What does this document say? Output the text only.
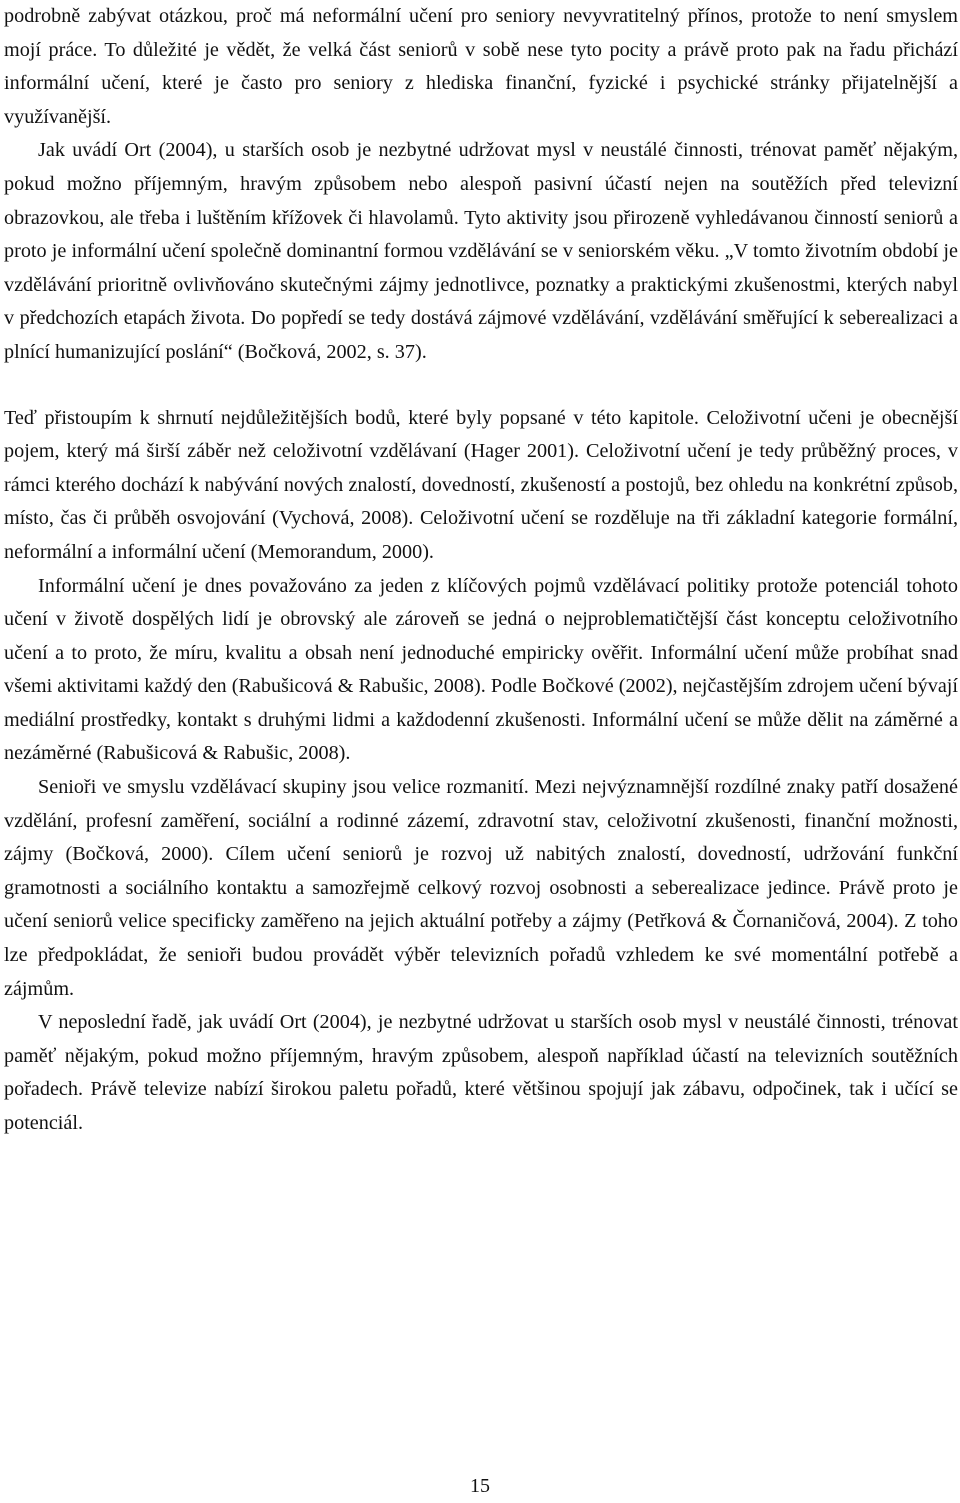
podrobně zabývat otázkou, proč má neformální učení pro seniory nevyvratitelný přínos, protože to není smyslem mojí práce. To důležité je vědět, že velká část seniorů v sobě nese tyto pocity a právě proto pak na řadu přichází informální učení, které je často pro seniory z hlediska finanční, fyzické i psychické stránky přijatelnější a využívanější.

Jak uvádí Ort (2004), u starších osob je nezbytné udržovat mysl v neustálé činnosti, trénovat paměť nějakým, pokud možno příjemným, hravým způsobem nebo alespoň pasivní účastí nejen na soutěžích před televizní obrazovkou, ale třeba i luštěním křížovek či hlavolamů. Tyto aktivity jsou přirozeně vyhledávanou činností seniorů a proto je informální učení společně dominantní formou vzdělávání se v seniorském věku. „V tomto životním období je vzdělávání prioritně ovlivňováno skutečnými zájmy jednotlivce, poznatky a praktickými zkušenostmi, kterých nabyl v předchozích etapách života. Do popředí se tedy dostává zájmové vzdělávání, vzdělávání směřující k seberealizaci a plnící humanizující poslání“ (Bočková, 2002, s. 37).

Teď přistoupím k shrnutí nejdůležitějších bodů, které byly popsané v této kapitole. Celoživotní učeni je obecnější pojem, který má širší záběr než celoživotní vzdělávaní (Hager 2001). Celoživotní učení je tedy průběžný proces, v rámci kterého dochází k nabývání nových znalostí, dovedností, zkušeností a postojů, bez ohledu na konkrétní způsob, místo, čas či průběh osvojování (Vychová, 2008). Celoživotní učení se rozděluje na tři základní kategorie formální, neformální a informální učení (Memorandum, 2000).

Informální učení je dnes považováno za jeden z klíčových pojmů vzdělávací politiky protože potenciál tohoto učení v životě dospělých lidí je obrovský ale zároveň se jedná o nejproblematičtější část konceptu celoživotního učení a to proto, že míru, kvalitu a obsah není jednoduché empiricky ověřit. Informální učení může probíhat snad všemi aktivitami každý den (Rabušicová & Rabušic, 2008). Podle Bočkové (2002), nejčastějším zdrojem učení bývají mediální prostředky, kontakt s druhými lidmi a každodenní zkušenosti. Informální učení se může dělit na záměrné a nezáměrné (Rabušicová & Rabušic, 2008).

Senioři ve smyslu vzdělávací skupiny jsou velice rozmanití. Mezi nejvýznamnější rozdílné znaky patří dosažené vzdělání, profesní zaměření, sociální a rodinné zázemí, zdravotní stav, celoživotní zkušenosti, finanční možnosti, zájmy (Bočková, 2000). Cílem učení seniorů je rozvoj už nabitých znalostí, dovedností, udržování funkční gramotnosti a sociálního kontaktu a samozřejmě celkový rozvoj osobnosti a seberealizace jedince. Právě proto je učení seniorů velice specificky zaměřeno na jejich aktuální potřeby a zájmy (Petřková & Čornaničová, 2004). Z toho lze předpokládat, že senioři budou provádět výběr televizních pořadů vzhledem ke své momentální potřebě a zájmům.

V neposlední řadě, jak uvádí Ort (2004), je nezbytné udržovat u starších osob mysl v neustálé činnosti, trénovat paměť nějakým, pokud možno příjemným, hravým způsobem, alespoň například účastí na televizních soutěžních pořadech. Právě televize nabízí širokou paletu pořadů, které většinou spojují jak zábavu, odpočinek, tak i učící se potenciál.

15
